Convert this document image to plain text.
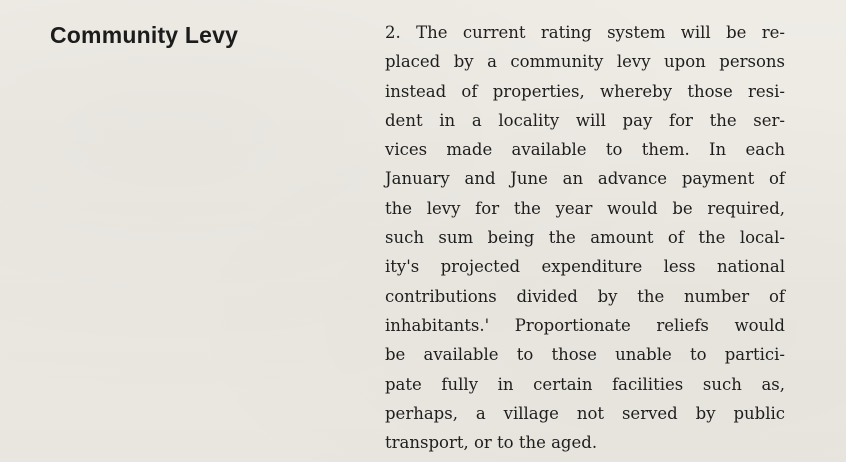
Community Levy	2. The current rating system will be re-
placed by a community levy upon persons
instead of properties, whereby those resi-
dent in a locality will pay for the ser-
vices made available to them. In each
January and June an advance payment of
the levy for the year would be required,
such sum being the amount of the local-
ity's projected expenditure less national
contributions divided by the number of
inhabitants.' Proportionate reliefs would
be available to those unable to partici-
pate fully in certain facilities such as,
perhaps, a village not served by public
transport, or to the aged.
